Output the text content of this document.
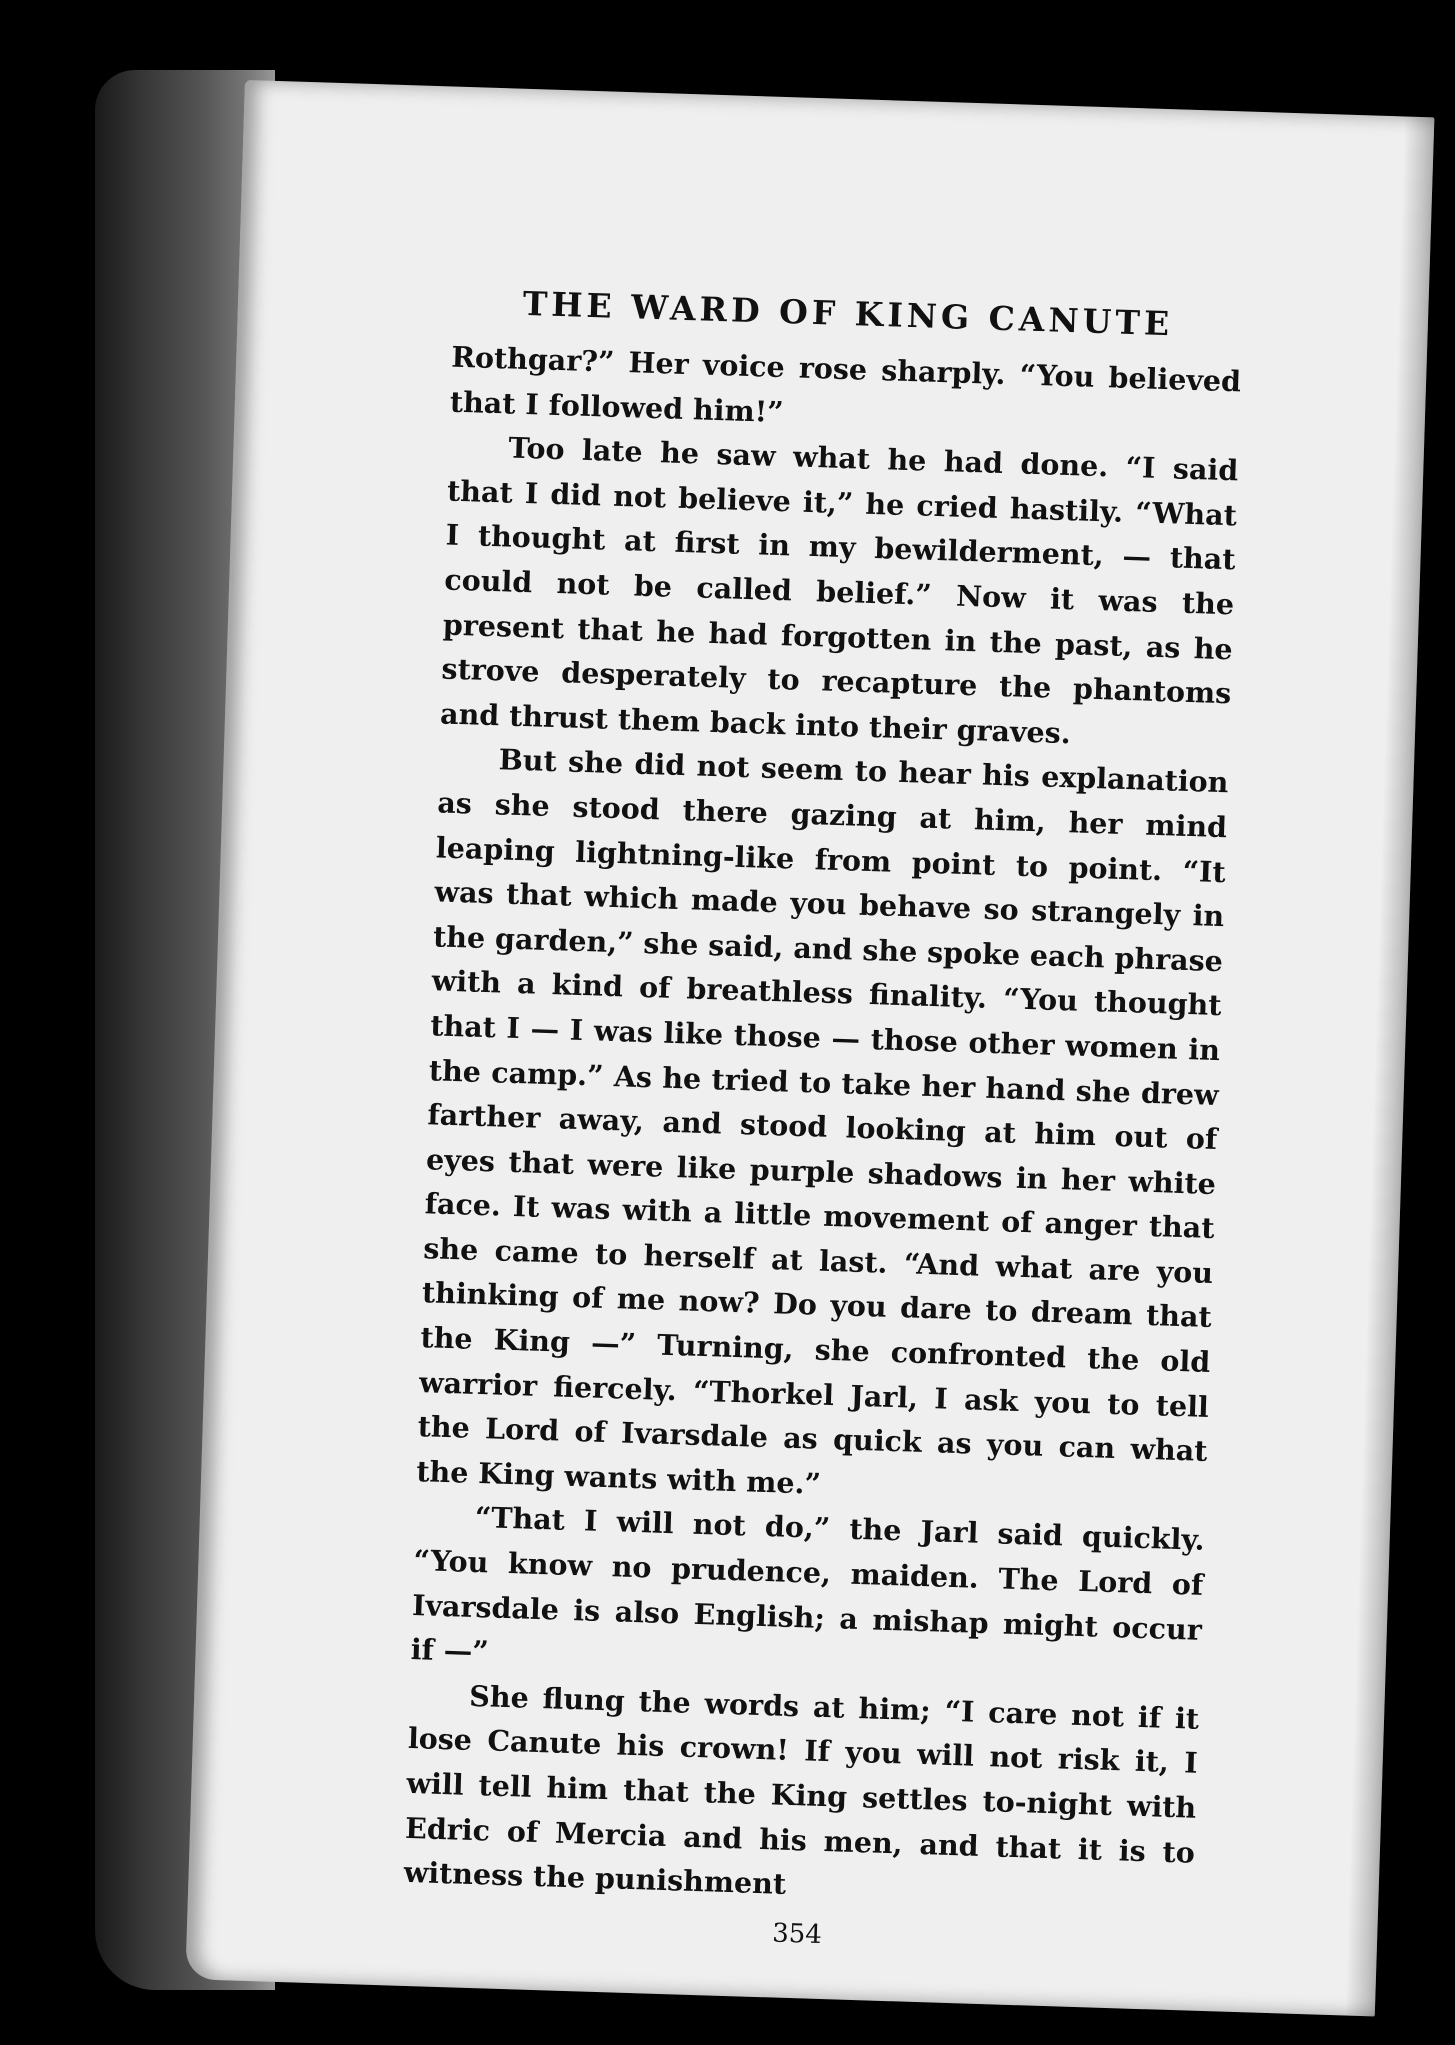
THE WARD OF KING CANUTE

Rothgar?” Her voice rose sharply. “You believed that I followed him!”

Too late he saw what he had done. “I said that I did not believe it,” he cried hastily. “What I thought at first in my bewilderment, — that could not be called belief.” Now it was the present that he had forgotten in the past, as he strove desperately to recapture the phantoms and thrust them back into their graves.

But she did not seem to hear his explanation as she stood there gazing at him, her mind leaping lightning-like from point to point. “It was that which made you behave so strangely in the garden,” she said, and she spoke each phrase with a kind of breathless finality. “You thought that I — I was like those — those other women in the camp.” As he tried to take her hand she drew farther away, and stood looking at him out of eyes that were like purple shadows in her white face. It was with a little movement of anger that she came to herself at last. “And what are you thinking of me now? Do you dare to dream that the King —” Turning, she confronted the old warrior fiercely. “Thorkel Jarl, I ask you to tell the Lord of Ivarsdale as quick as you can what the King wants with me.”

“That I will not do,” the Jarl said quickly. “You know no prudence, maiden. The Lord of Ivarsdale is also English; a mishap might occur if —”

She flung the words at him; “I care not if it lose Canute his crown! If you will not risk it, I will tell him that the King settles to-night with Edric of Mercia and his men, and that it is to witness the punishment

354
